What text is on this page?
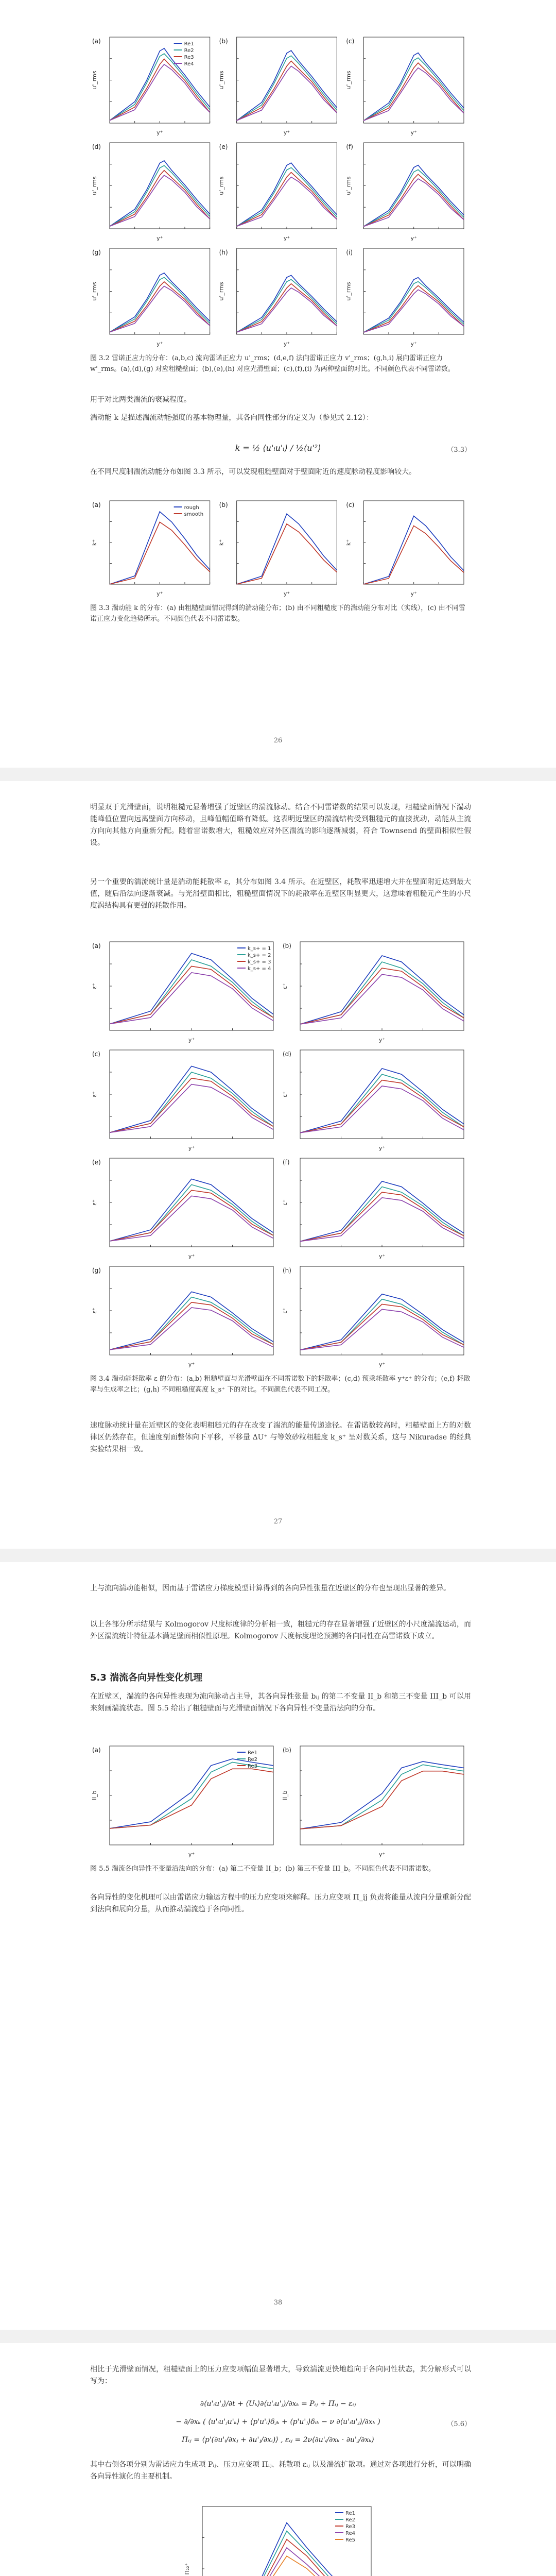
(a)
y⁺
u'_rms
Re1
Re2
Re3
Re4
(b)
y⁺
u'_rms
(c)
y⁺
u'_rms
(d)
y⁺
u'_rms
(e)
y⁺
u'_rms
(f)
y⁺
u'_rms
(g)
y⁺
u'_rms
(h)
y⁺
u'_rms
(i)
y⁺
u'_rms
图 3.2 雷诺正应力的分布：(a,b,c) 流向雷诺正应力 u'_rms；(d,e,f) 法向雷诺正应力 v'_rms；(g,h,i) 展向雷诺正应力 w'_rms。(a),(d),(g) 对应粗糙壁面；(b),(e),(h) 对应光滑壁面；(c),(f),(i) 为两种壁面的对比。不同颜色代表不同雷诺数。
用于对比两类湍流的衰减程度。
湍动能 k 是描述湍流动能强度的基本物理量，其各向同性部分的定义为（参见式 2.12）：
k = ½ ⟨u'ᵢu'ᵢ⟩ / ½⟨u'²⟩	（3.3）
在不同尺度制湍流动能分布如图 3.3 所示，可以发现粗糙壁面对于壁面附近的速度脉动程度影响较大。
(a)
y⁺
k⁺
rough
smooth
(b)
y⁺
k⁺
(c)
y⁺
k⁺
图 3.3 湍动能 k 的分布：(a) 由粗糙壁面情况得到的湍动能分布；(b) 由不同粗糙度下的湍动能分布对比（实线），(c) 由不同雷诺正应力变化趋势所示。不同颜色代表不同雷诺数。
26
明显双于光滑壁面，说明粗糙元显著增强了近壁区的湍流脉动。结合不同雷诺数的结果可以发现，粗糙壁面情况下湍动能峰值位置向远离壁面方向移动，且峰值幅值略有降低。这表明近壁区的湍流结构受到粗糙元的直接扰动，动能从主流方向向其他方向重新分配。随着雷诺数增大，粗糙效应对外区湍流的影响逐渐减弱，符合 Townsend 的壁面相似性假设。
另一个重要的湍流统计量是湍动能耗散率 ε，其分布如图 3.4 所示。在近壁区，耗散率迅速增大并在壁面附近达到最大值，随后沿法向逐渐衰减。与光滑壁面相比，粗糙壁面情况下的耗散率在近壁区明显更大，这意味着粗糙元产生的小尺度涡结构具有更强的耗散作用。
(a)
y⁺
ε⁺
k_s+ = 1
k_s+ = 2
k_s+ = 3
k_s+ = 4
(b)
y⁺
ε⁺
(c)
y⁺
ε⁺
(d)
y⁺
ε⁺
(e)
y⁺
ε⁺
(f)
y⁺
ε⁺
(g)
y⁺
ε⁺
(h)
y⁺
ε⁺
图 3.4 湍动能耗散率 ε 的分布：(a,b) 粗糙壁面与光滑壁面在不同雷诺数下的耗散率；(c,d) 预乘耗散率 y⁺ε⁺ 的分布；(e,f) 耗散率与生成率之比；(g,h) 不同粗糙度高度 k_s⁺ 下的对比。不同颜色代表不同工况。
速度脉动统计量在近壁区的变化表明粗糙元的存在改变了湍流的能量传递途径。在雷诺数较高时，粗糙壁面上方的对数律区仍然存在，但速度剖面整体向下平移，平移量 ΔU⁺ 与等效砂粒粗糙度 k_s⁺ 呈对数关系，这与 Nikuradse 的经典实验结果相一致。
27
上与流向湍动能相似，因而基于雷诺应力梯度模型计算得到的各向异性张量在近壁区的分布也呈现出显著的差异。
以上各部分所示结果与 Kolmogorov 尺度标度律的分析相一致，粗糙元的存在显著增强了近壁区的小尺度湍流运动，而外区湍流统计特征基本满足壁面相似性原理。Kolmogorov 尺度标度理论预测的各向同性在高雷诺数下成立。
5.3 湍流各向异性变化机理
在近壁区，湍流的各向异性表现为流向脉动占主导，其各向异性张量 bᵢⱼ 的第二不变量 II_b 和第三不变量 III_b 可以用来刻画湍流状态。图 5.5 给出了粗糙壁面与光滑壁面情况下各向异性不变量沿法向的分布。
(a)
y⁺
II_b
Re1
Re2
Re3
(b)
y⁺
II_b
图 5.5 湍流各向异性不变量沿法向的分布：(a) 第二不变量 II_b；(b) 第三不变量 III_b。不同颜色代表不同雷诺数。
各向异性的变化机理可以由雷诺应力输运方程中的压力应变项来解释。压力应变项 Π_ij 负责将能量从流向分量重新分配到法向和展向分量，从而推动湍流趋于各向同性。
38
相比于光滑壁面情况，粗糙壁面上的压力应变项幅值显著增大，导致湍流更快地趋向于各向同性状态，其分解形式可以写为：
∂⟨u'ᵢu'ⱼ⟩/∂t + ⟨Uₖ⟩∂⟨u'ᵢu'ⱼ⟩/∂xₖ = Pᵢⱼ + Πᵢⱼ − εᵢⱼ
− ∂/∂xₖ ( ⟨u'ᵢu'ⱼu'ₖ⟩ + ⟨p'u'ᵢ⟩δⱼₖ + ⟨p'u'ⱼ⟩δᵢₖ − ν ∂⟨u'ᵢu'ⱼ⟩/∂xₖ )
Πᵢⱼ = ⟨p'(∂u'ᵢ/∂xⱼ + ∂u'ⱼ/∂xᵢ)⟩ , εᵢⱼ = 2ν⟨∂u'ᵢ/∂xₖ · ∂u'ⱼ/∂xₖ⟩
（5.6）
其中右侧各项分别为雷诺应力生成项 Pᵢⱼ、压力应变项 Πᵢⱼ、耗散项 εᵢⱼ 以及湍流扩散项。通过对各项进行分析，可以明确各向异性演化的主要机制。
Π₂₂⁺
Re1
Re2
Re3
Re4
Re5
